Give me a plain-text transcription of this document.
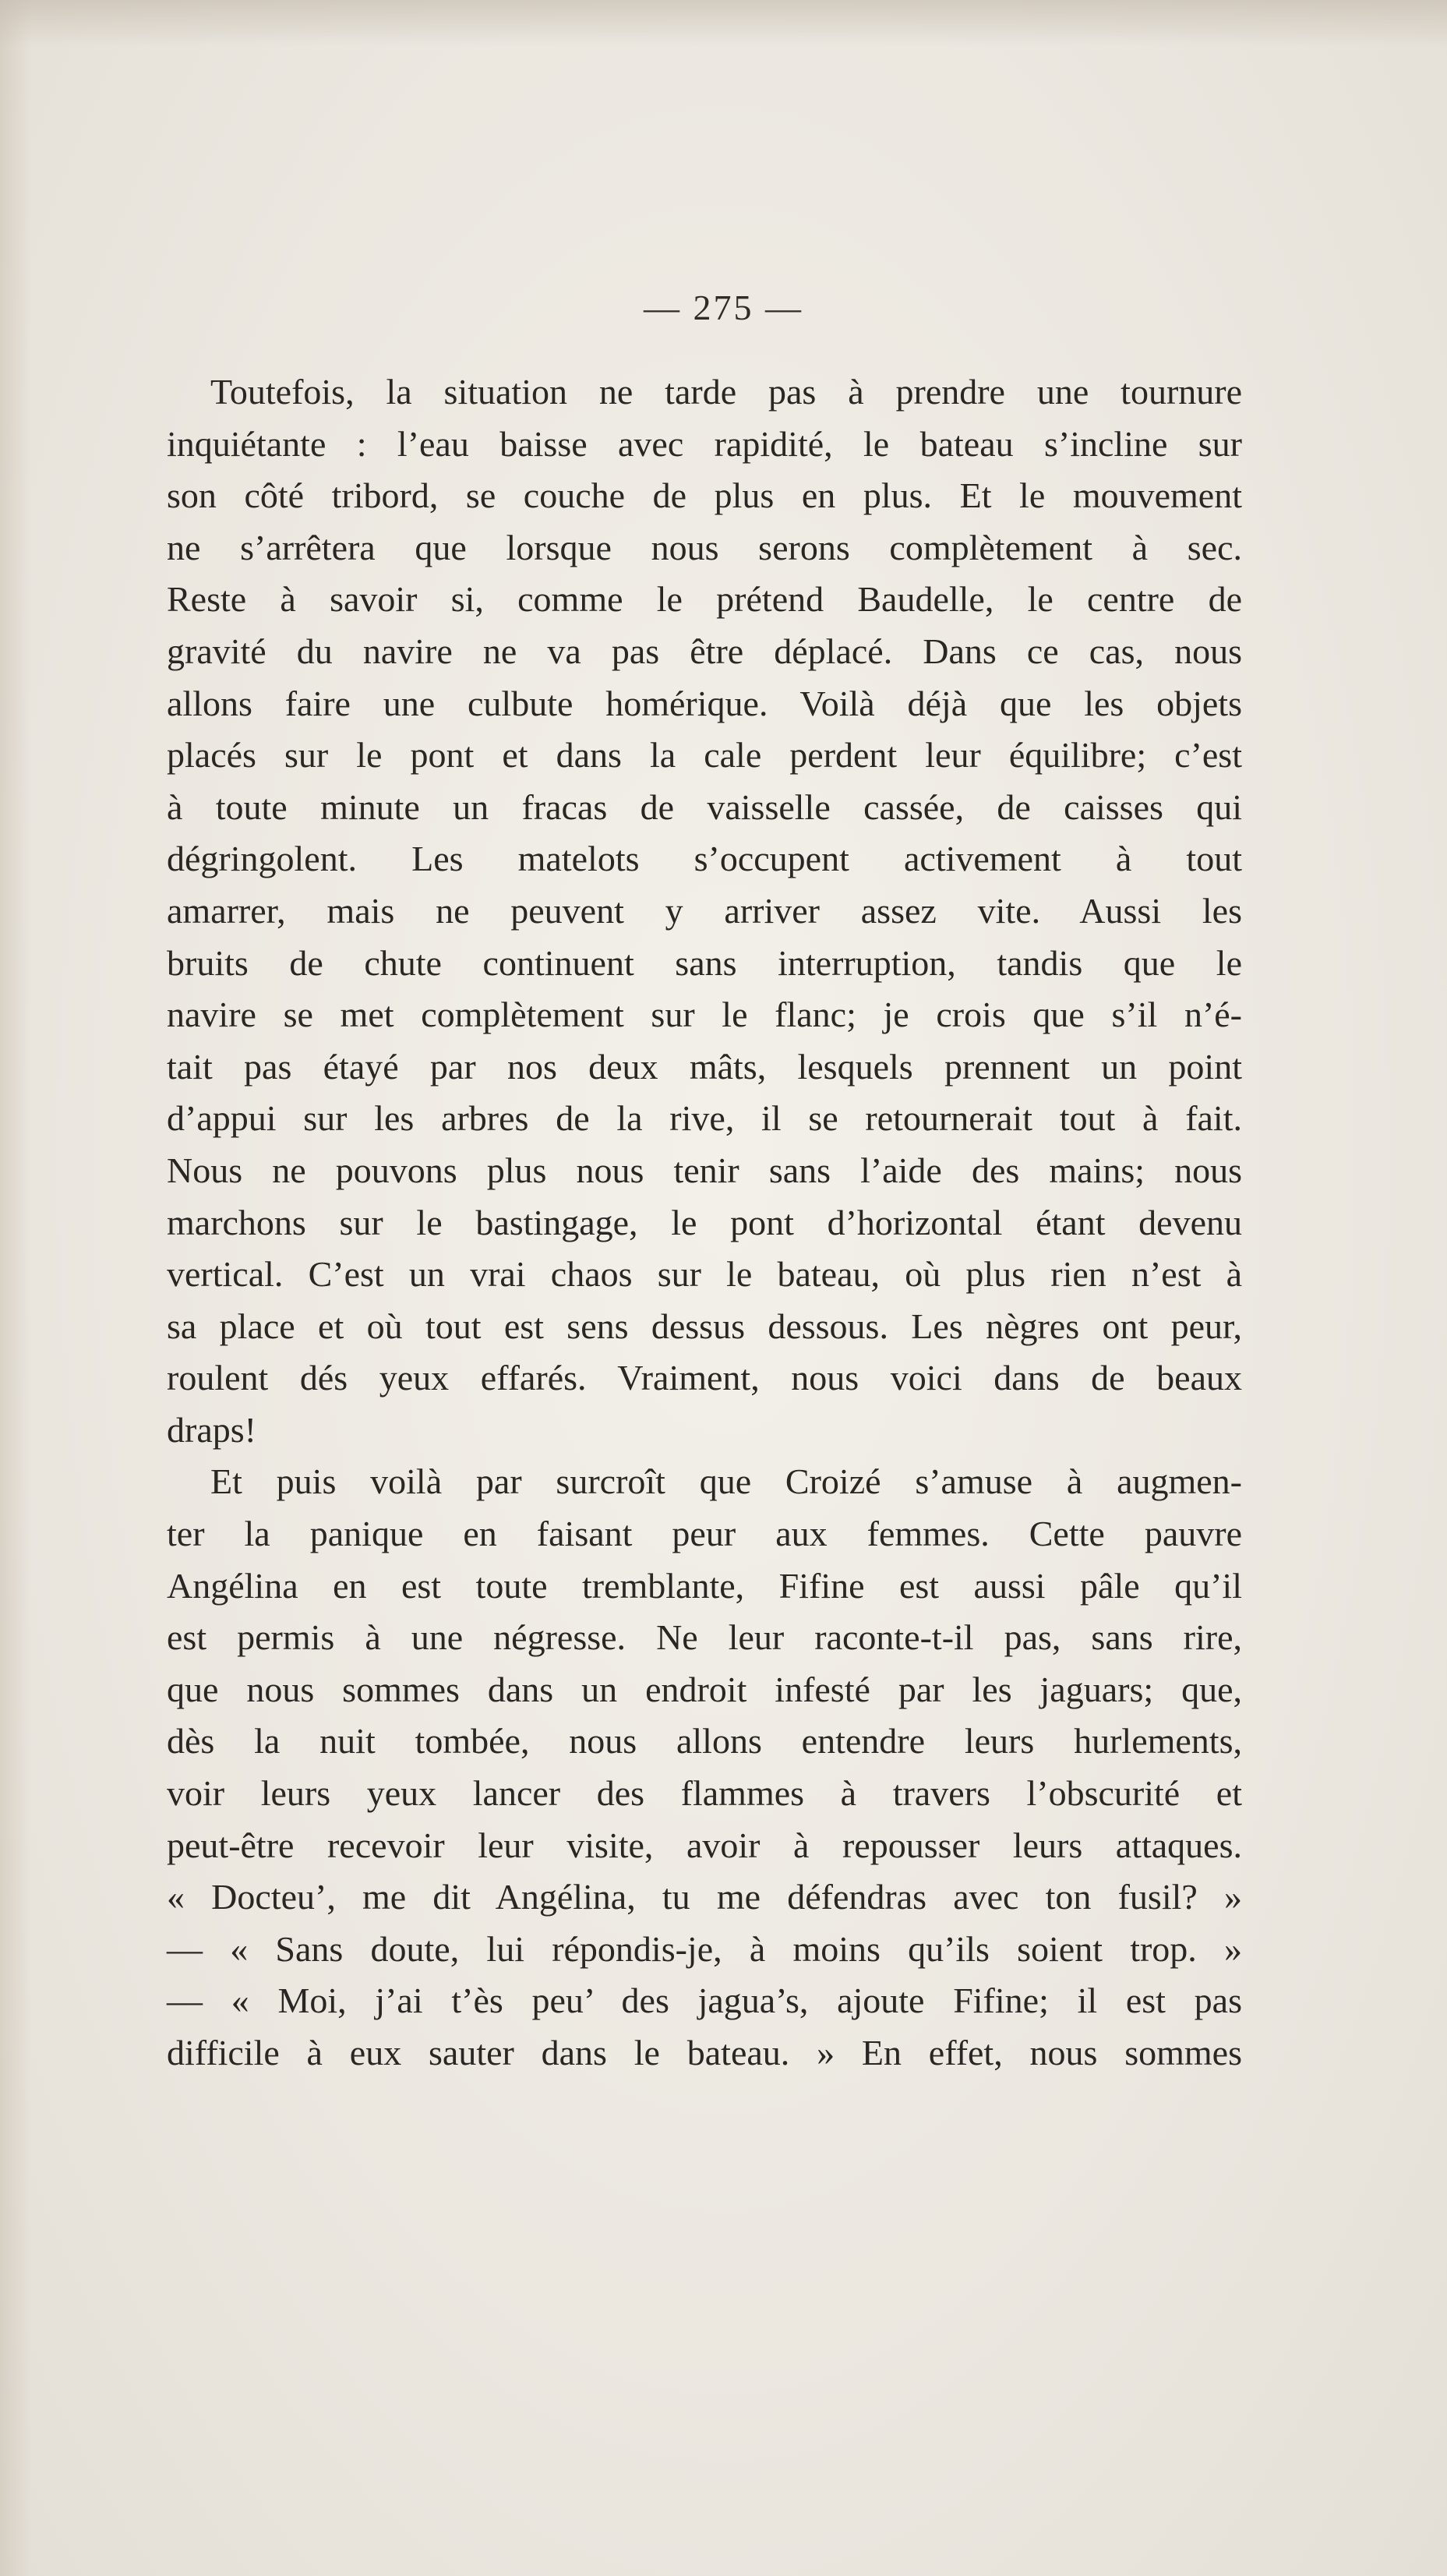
— 275 —
Toutefois, la situation ne tarde pas à prendre une tournure
inquiétante : l’eau baisse avec rapidité, le bateau s’incline sur
son côté tribord, se couche de plus en plus. Et le mouvement
ne s’arrêtera que lorsque nous serons complètement à sec.
Reste à savoir si, comme le prétend Baudelle, le centre de
gravité du navire ne va pas être déplacé. Dans ce cas, nous
allons faire une culbute homérique. Voilà déjà que les objets
placés sur le pont et dans la cale perdent leur équilibre; c’est
à toute minute un fracas de vaisselle cassée, de caisses qui
dégringolent. Les matelots s’occupent activement à tout
amarrer, mais ne peuvent y arriver assez vite. Aussi les
bruits de chute continuent sans interruption, tandis que le
navire se met complètement sur le flanc; je crois que s’il n’é-
tait pas étayé par nos deux mâts, lesquels prennent un point
d’appui sur les arbres de la rive, il se retournerait tout à fait.
Nous ne pouvons plus nous tenir sans l’aide des mains; nous
marchons sur le bastingage, le pont d’horizontal étant devenu
vertical. C’est un vrai chaos sur le bateau, où plus rien n’est à
sa place et où tout est sens dessus dessous. Les nègres ont peur,
roulent dés yeux effarés. Vraiment, nous voici dans de beaux
draps!
Et puis voilà par surcroît que Croizé s’amuse à augmen-
ter la panique en faisant peur aux femmes. Cette pauvre
Angélina en est toute tremblante, Fifine est aussi pâle qu’il
est permis à une négresse. Ne leur raconte-t-il pas, sans rire,
que nous sommes dans un endroit infesté par les jaguars; que,
dès la nuit tombée, nous allons entendre leurs hurlements,
voir leurs yeux lancer des flammes à travers l’obscurité et
peut-être recevoir leur visite, avoir à repousser leurs attaques.
« Docteu’, me dit Angélina, tu me défendras avec ton fusil? »
— « Sans doute, lui répondis-je, à moins qu’ils soient trop. »
— « Moi, j’ai t’ès peu’ des jagua’s, ajoute Fifine; il est pas
difficile à eux sauter dans le bateau. » En effet, nous sommes
